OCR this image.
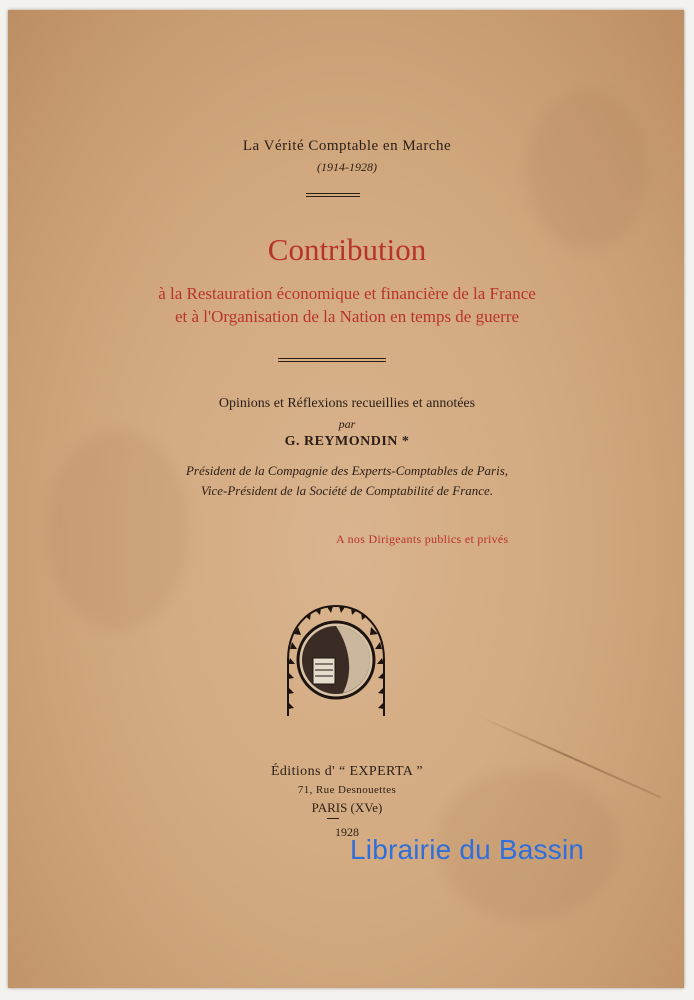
La Vérité Comptable en Marche
(1914-1928)
Contribution
à la Restauration économique et financière de la France
et à l'Organisation de la Nation en temps de guerre
Opinions et Réflexions recueillies et annotées
par
G. REYMONDIN *
Président de la Compagnie des Experts-Comptables de Paris,
Vice-Président de la Société de Comptabilité de France.
A nos Dirigeants publics et privés
Éditions d' “ EXPERTA ”
71, Rue Desnouettes
PARIS (XVe)
1928
Librairie du Bassin
